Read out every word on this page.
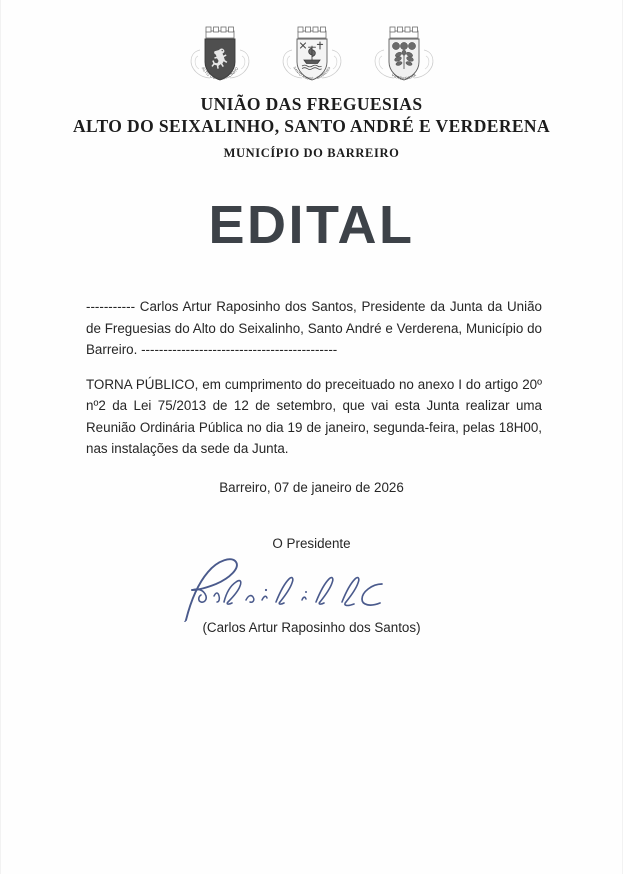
ALTO DO SEIXALINHO	SANTO ANDRÉ - BARREIRO
VERDERENA
UNIÃO DAS FREGUESIAS
ALTO DO SEIXALINHO, SANTO ANDRÉ E VERDERENA
MUNICÍPIO DO BARREIRO
EDITAL

----------- Carlos Artur Raposinho dos Santos, Presidente da Junta da União de Freguesias do Alto do Seixalinho, Santo André e Verderena, Município do Barreiro. --------------------------------------------

TORNA PÚBLICO, em cumprimento do preceituado no anexo I do artigo 20º nº2 da Lei 75/2013 de 12 de setembro, que vai esta Junta realizar uma Reunião Ordinária Pública no dia 19 de janeiro, segunda-feira, pelas 18H00, nas instalações da sede da Junta.

Barreiro, 07 de janeiro de 2026
O Presidente
(Carlos Artur Raposinho dos Santos)
